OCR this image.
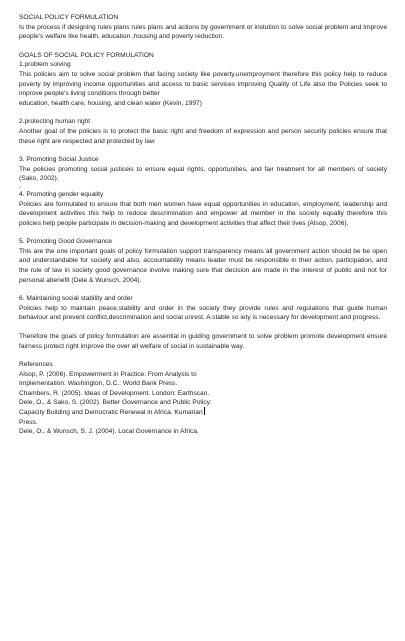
SOCIAL POLICY FORMULATION

Is the process if designing rules plans rules plans and actions by government or instution to solve social problem and Improve people's welfare like health, education ,housing and poverty reduction.

GOALS OF SOCIAL POLICY FORMULATION

1.problem solving

This policies aim to solve social problem that facing society like poverty,unemproyment therefore this policy help to reduce poverty by improving income opportunities and access to basic services improving Quality of Life also the Policies seek to improve people's living conditions through better

education, health care, housing, and clean water (Kevin, 1997)

2.protecting human right

Another goal of the policies is to protect the basic right and freedom of expression and person security policies ensure that these right are respected and protected by law

3. Promoting Social Justice

The policies promoting social justiceis to ensure equal rights, opportunities, and fair treatment for all members of society (Sako, 2002).

.

4. Promoting gender equality

Policies are formulated to ensure that both men women have equal opportunities in education, employment, leadership and development activities this help to reduce descrimination and empower all member in the society equally therefore this policies help people participate in decision-making and development activities that affect their lives (Alsop, 2006).

5. Promoting Good Governance

This are the one important goals of policy formulation support transparency means all government action should be be open and understandable for society and also, accountability means leader must be responsible in their action, participation, and the rule of law in society good governance involve making sure that decision are made in the interest of public and not for personal abenefit (Dele & Wunsch, 2004).

6. Maintaining social stability and order

Policies help to maintain peace,stability and order in the society they provide rules and regulations that guide human behaviour and prevent conflict,descrimination and social unrest. A stable so iety is necessary for development and progress.

Therefore the goals of policy formulation are assential in guiding government to solve problem promote development ensure fairness protect right improve the over all welfare of social in sustainable way.

References

Alsop, P. (2006). Empowerment in Practice: From Analysis to

Implementation. Washington, D.C.: World Bank Press.

Chambers, R. (2005). Ideas of Development. London: Earthscan.

Dele, O., & Sako, S. (2002). Better Governance and Public Policy:

Capacity Building and Democratic Renewal in Africa. Kumarian

Press.

Dele, O., & Wunsch, S. J. (2004). Local Governance in Africa.
